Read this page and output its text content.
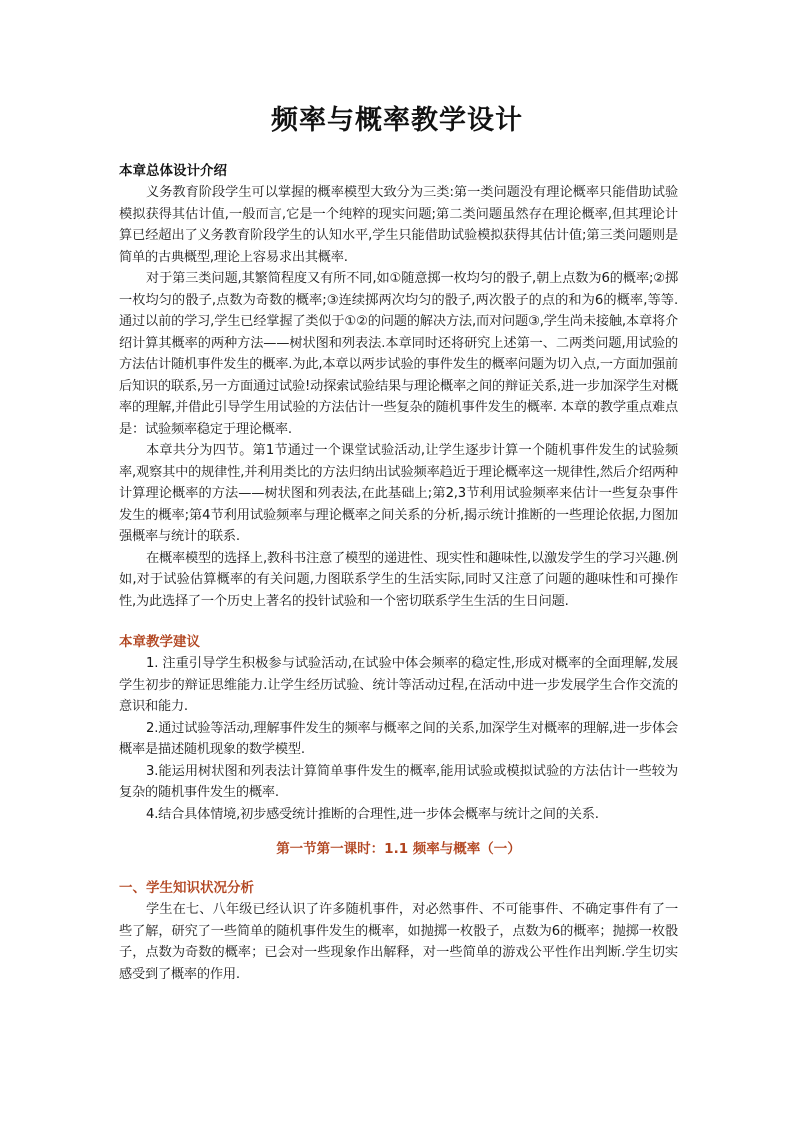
频率与概率教学设计

本章总体设计介绍

义务教育阶段学生可以掌握的概率模型大致分为三类:第一类问题没有理论概率只能借助试验模拟获得其估计值,一般而言,它是一个纯粹的现实问题;第二类问题虽然存在理论概率,但其理论计算已经超出了义务教育阶段学生的认知水平,学生只能借助试验模拟获得其估计值;第三类问题则是简单的古典概型,理论上容易求出其概率.

对于第三类问题,其繁简程度又有所不同,如①随意掷一枚均匀的骰子,朝上点数为6的概率;②掷一枚均匀的骰子,点数为奇数的概率;③连续掷两次均匀的骰子,两次骰子的点的和为6的概率,等等.通过以前的学习,学生已经掌握了类似于①②的问题的解决方法,而对问题③,学生尚未接触,本章将介绍计算其概率的两种方法——树状图和列表法.本章同时还将研究上述第一、二两类问题,用试验的方法估计随机事件发生的概率.为此,本章以两步试验的事件发生的概率问题为切入点,一方面加强前后知识的联系,另一方面通过试验!动探索试验结果与理论概率之间的辩证关系,进一步加深学生对概率的理解,并借此引导学生用试验的方法估计一些复杂的随机事件发生的概率. 本章的教学重点难点是：试验频率稳定于理论概率.

本章共分为四节。第1节通过一个课堂试验活动,让学生逐步计算一个随机事件发生的试验频率,观察其中的规律性,并利用类比的方法归纳出试验频率趋近于理论概率这一规律性,然后介绍两种计算理论概率的方法——树状图和列表法,在此基础上;第2,3节利用试验频率来估计一些复杂事件发生的概率;第4节利用试验频率与理论概率之间关系的分析,揭示统计推断的一些理论依据,力图加强概率与统计的联系.

在概率模型的选择上,教科书注意了模型的递进性、现实性和趣味性,以激发学生的学习兴趣.例如,对于试验估算概率的有关问题,力图联系学生的生活实际,同时又注意了问题的趣味性和可操作性,为此选择了一个历史上著名的投针试验和一个密切联系学生生活的生日问题.

本章教学建议

1. 注重引导学生积极参与试验活动,在试验中体会频率的稳定性,形成对概率的全面理解,发展学生初步的辩证思维能力.让学生经历试验、统计等活动过程,在活动中进一步发展学生合作交流的意识和能力.

2.通过试验等活动,理解事件发生的频率与概率之间的关系,加深学生对概率的理解,进一步体会概率是描述随机现象的数学模型.

3.能运用树状图和列表法计算简单事件发生的概率,能用试验或模拟试验的方法估计一些较为复杂的随机事件发生的概率.

4.结合具体情境,初步感受统计推断的合理性,进一步体会概率与统计之间的关系.

第一节第一课时：1.1 频率与概率（一）

一、学生知识状况分析

学生在七、八年级已经认识了许多随机事件，对必然事件、不可能事件、不确定事件有了一些了解，研究了一些简单的随机事件发生的概率，如抛掷一枚骰子，点数为6的概率；抛掷一枚骰子，点数为奇数的概率；已会对一些现象作出解释，对一些简单的游戏公平性作出判断.学生切实感受到了概率的作用.
